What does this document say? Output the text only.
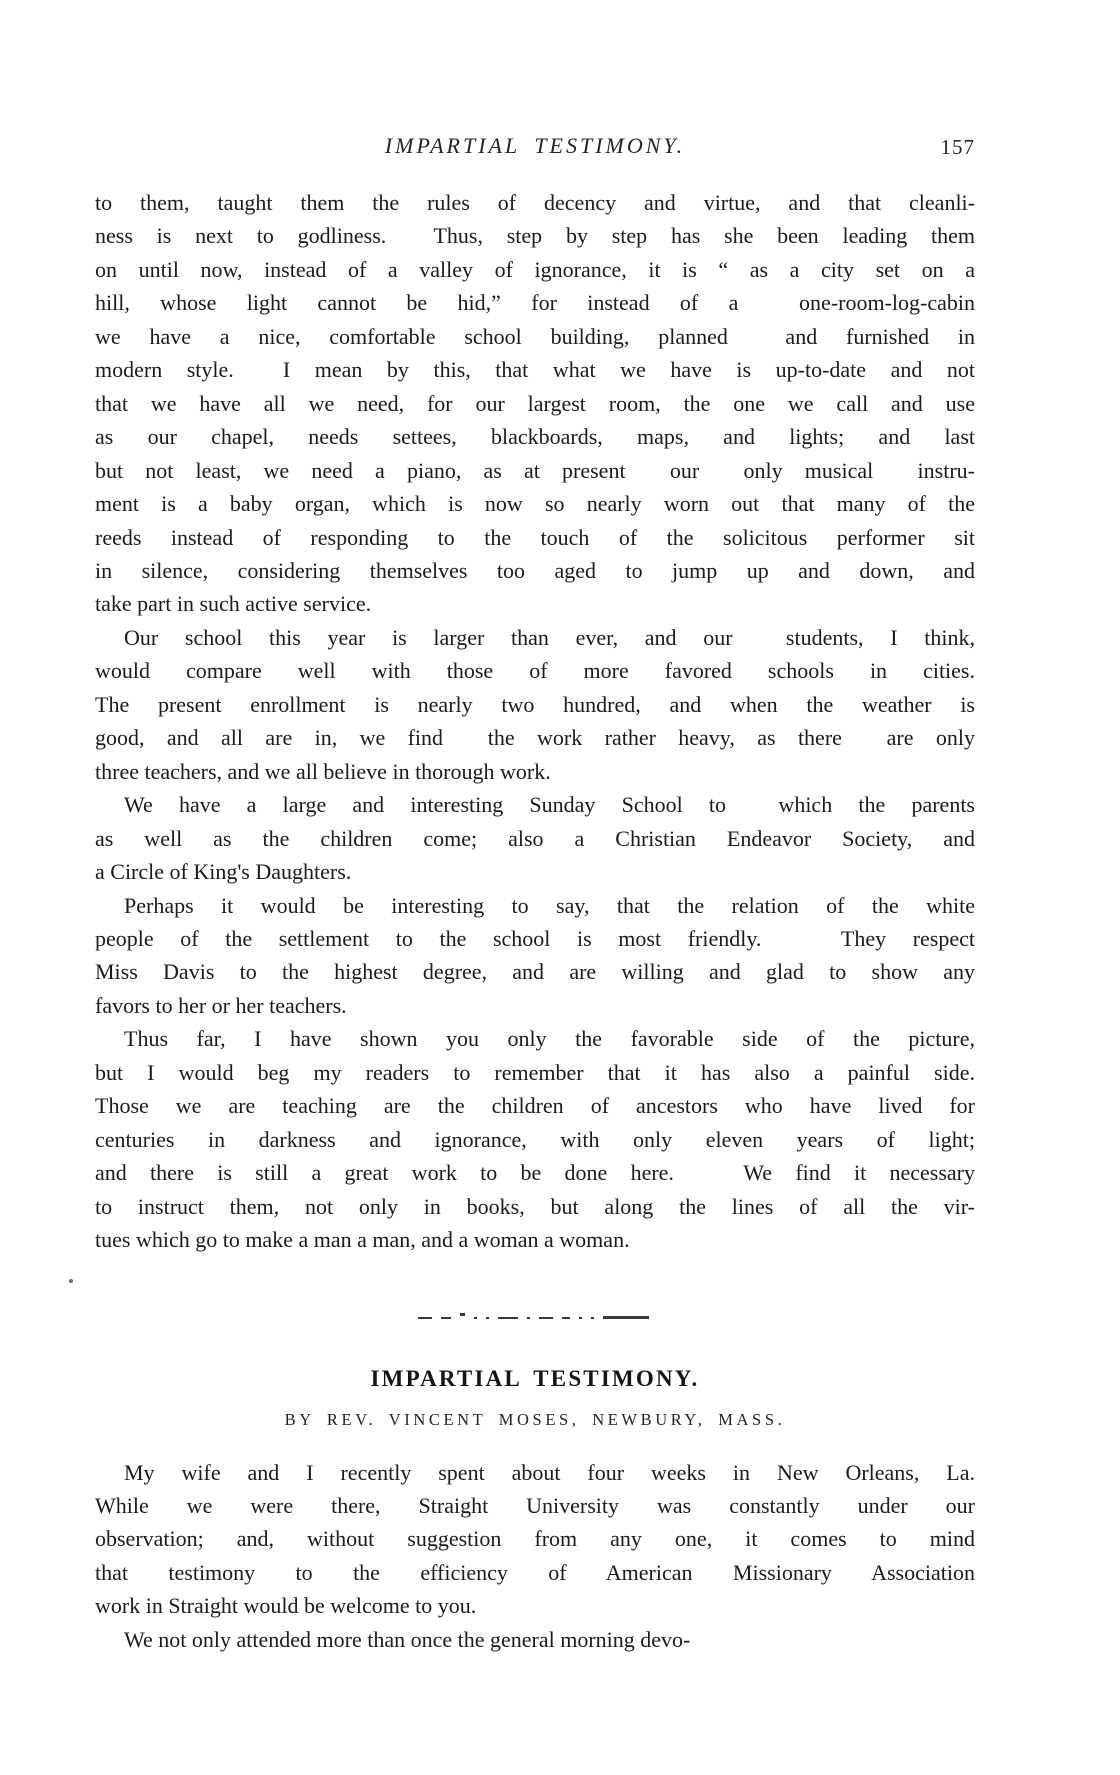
IMPARTIAL TESTIMONY.	157

to them, taught them the rules of decency and virtue, and that cleanli-
ness is next to godliness.  Thus, step by step has she been leading them
on until now, instead of a valley of ignorance, it is “ as a city set on a
hill, whose light cannot be hid,” for instead of a  one-room-log-cabin
we have a nice, comfortable school building, planned  and furnished in
modern style.  I mean by this, that what we have is up-to-date and not
that we have all we need, for our largest room, the one we call and use
as our chapel, needs settees, blackboards, maps, and lights; and last
but not least, we need a piano, as at present  our  only musical  instru-
ment is a baby organ, which is now so nearly worn out that many of the
reeds instead of responding to the touch of the solicitous performer sit
in silence, considering themselves too aged to jump up and down, and
take part in such active service.

Our school this year is larger than ever, and our  students, I think,
would compare well with those of more favored schools in cities.
The present enrollment is nearly two hundred, and when the weather is
good, and all are in, we find  the work rather heavy, as there  are only
three teachers, and we all believe in thorough work.

We have a large and interesting Sunday School to  which the parents
as well as the children come; also a Christian Endeavor Society, and
a Circle of King's Daughters.

Perhaps it would be interesting to say, that the relation of the white
people of the settlement to the school is most friendly.   They respect
Miss Davis to the highest degree, and are willing and glad to show any
favors to her or her teachers.

Thus far, I have shown you only the favorable side of the picture,
but I would beg my readers to remember that it has also a painful side.
Those we are teaching are the children of ancestors who have lived for
centuries in darkness and ignorance, with only eleven years of light;
and there is still a great work to be done here.   We find it necessary
to instruct them, not only in books, but along the lines of all the vir-
tues which go to make a man a man, and a woman a woman.

IMPARTIAL TESTIMONY.
BY REV. VINCENT MOSES, NEWBURY, MASS.

My wife and I recently spent about four weeks in New Orleans, La.
While we were there, Straight University was constantly under our
observation; and, without suggestion from any one, it comes to mind
that testimony to the efficiency of American Missionary Association
work in Straight would be welcome to you.

We not only attended more than once the general morning devo-
